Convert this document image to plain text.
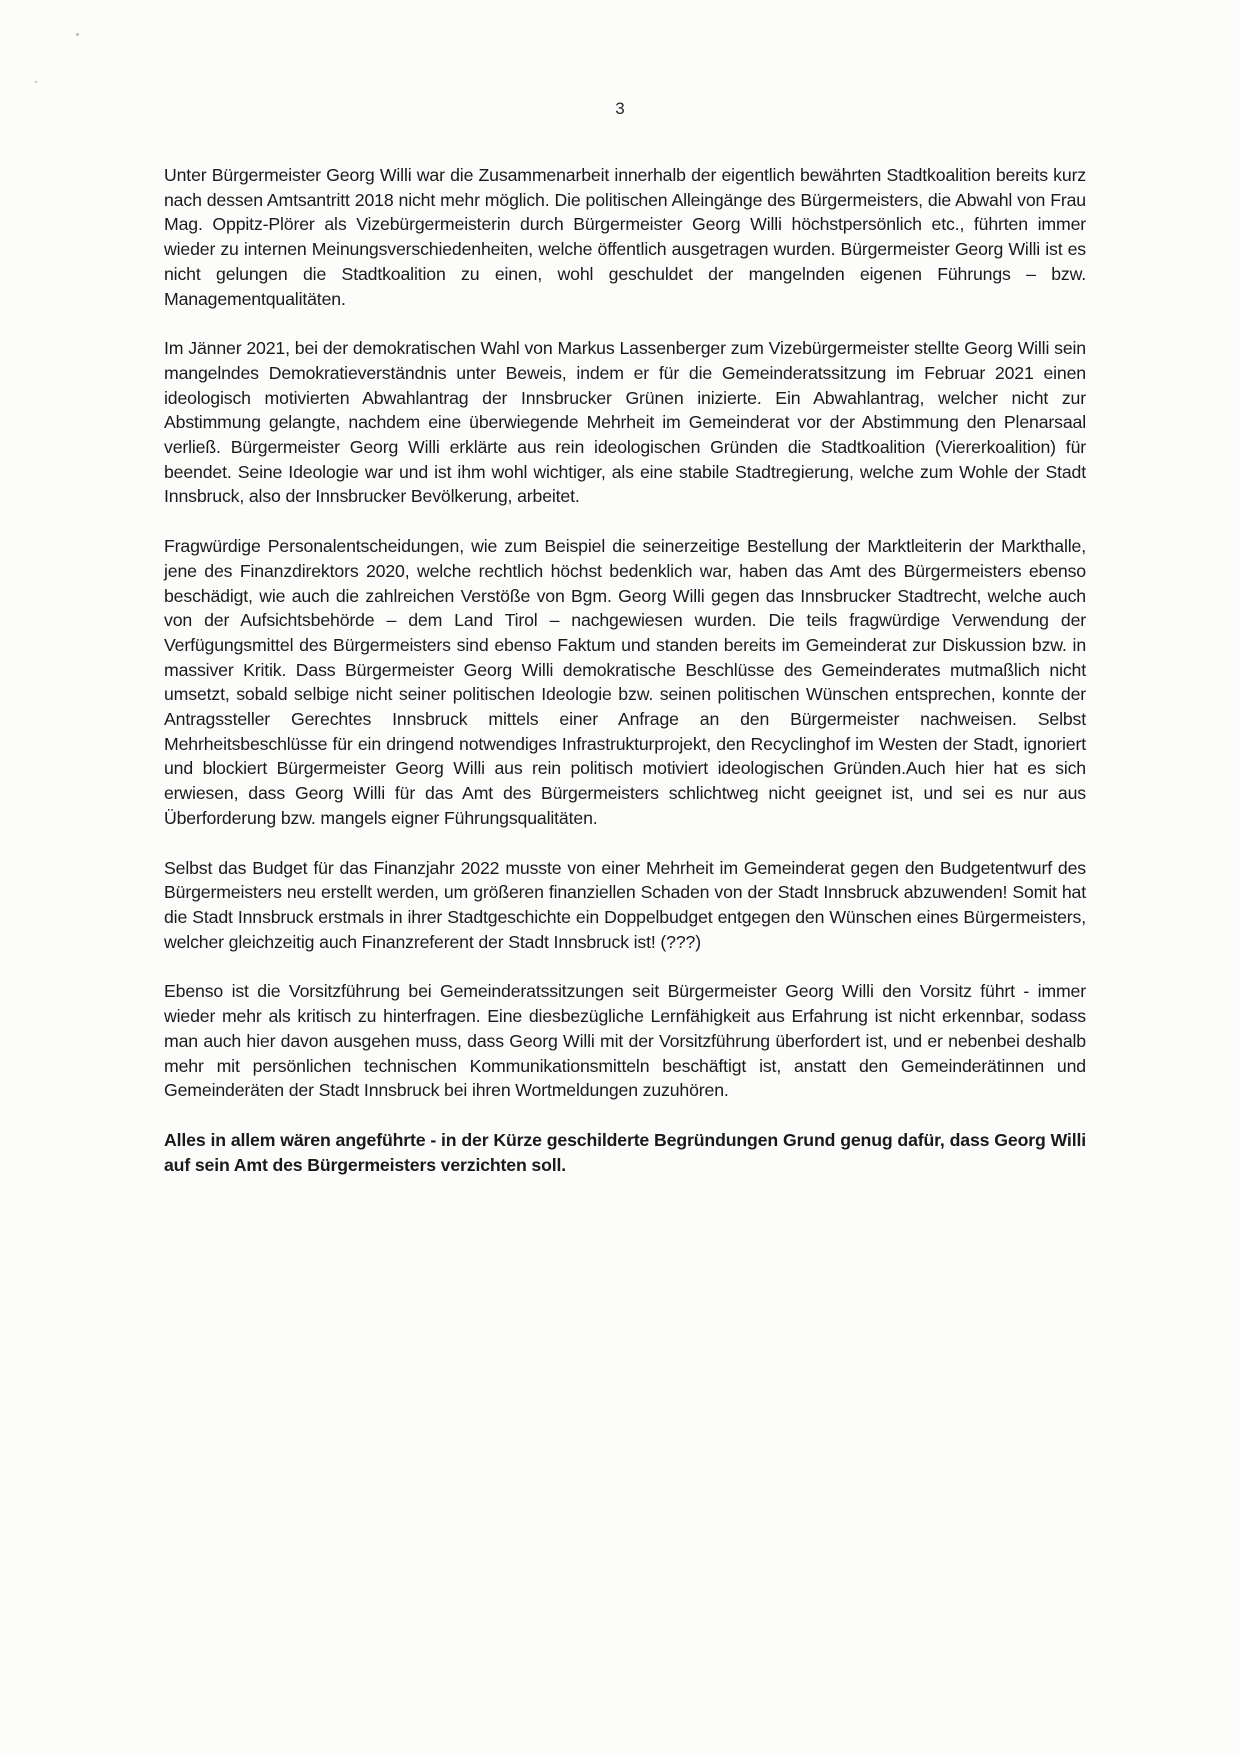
3

Unter Bürgermeister Georg Willi war die Zusammenarbeit innerhalb der eigentlich bewährten Stadtkoalition bereits kurz nach dessen Amtsantritt 2018 nicht mehr möglich. Die politischen Alleingänge des Bürgermeisters, die Abwahl von Frau Mag. Oppitz-Plörer als Vizebürgermeisterin durch Bürgermeister Georg Willi höchstpersönlich etc., führten immer wieder zu internen Meinungsverschiedenheiten, welche öffentlich ausgetragen wurden. Bürgermeister Georg Willi ist es nicht gelungen die Stadtkoalition zu einen, wohl geschuldet der mangelnden eigenen Führungs – bzw. Managementqualitäten.

Im Jänner 2021, bei der demokratischen Wahl von Markus Lassenberger zum Vizebürgermeister stellte Georg Willi sein mangelndes Demokratieverständnis unter Beweis, indem er für die Gemeinderatssitzung im Februar 2021 einen ideologisch motivierten Abwahlantrag der Innsbrucker Grünen inizierte. Ein Abwahlantrag, welcher nicht zur Abstimmung gelangte, nachdem eine überwiegende Mehrheit im Gemeinderat vor der Abstimmung den Plenarsaal verließ. Bürgermeister Georg Willi erklärte aus rein ideologischen Gründen die Stadtkoalition (Viererkoalition) für beendet. Seine Ideologie war und ist ihm wohl wichtiger, als eine stabile Stadtregierung, welche zum Wohle der Stadt Innsbruck, also der Innsbrucker Bevölkerung, arbeitet.

Fragwürdige Personalentscheidungen, wie zum Beispiel die seinerzeitige Bestellung der Marktleiterin der Markthalle, jene des Finanzdirektors 2020, welche rechtlich höchst bedenklich war, haben das Amt des Bürgermeisters ebenso beschädigt, wie auch die zahlreichen Verstöße von Bgm. Georg Willi gegen das Innsbrucker Stadtrecht, welche auch von der Aufsichtsbehörde – dem Land Tirol – nachgewiesen wurden. Die teils fragwürdige Verwendung der Verfügungsmittel des Bürgermeisters sind ebenso Faktum und standen bereits im Gemeinderat zur Diskussion bzw. in massiver Kritik. Dass Bürgermeister Georg Willi demokratische Beschlüsse des Gemeinderates mutmaßlich nicht umsetzt, sobald selbige nicht seiner politischen Ideologie bzw. seinen politischen Wünschen entsprechen, konnte der Antragssteller Gerechtes Innsbruck mittels einer Anfrage an den Bürgermeister nachweisen. Selbst Mehrheitsbeschlüsse für ein dringend notwendiges Infrastrukturprojekt, den Recyclinghof im Westen der Stadt, ignoriert und blockiert Bürgermeister Georg Willi aus rein politisch motiviert ideologischen Gründen.Auch hier hat es sich erwiesen, dass Georg Willi für das Amt des Bürgermeisters schlichtweg nicht geeignet ist, und sei es nur aus Überforderung bzw. mangels eigner Führungsqualitäten.

Selbst das Budget für das Finanzjahr 2022 musste von einer Mehrheit im Gemeinderat gegen den Budgetentwurf des Bürgermeisters neu erstellt werden, um größeren finanziellen Schaden von der Stadt Innsbruck abzuwenden! Somit hat die Stadt Innsbruck erstmals in ihrer Stadtgeschichte ein Doppelbudget entgegen den Wünschen eines Bürgermeisters, welcher gleichzeitig auch Finanzreferent der Stadt Innsbruck ist! (???)

Ebenso ist die Vorsitzführung bei Gemeinderatssitzungen seit Bürgermeister Georg Willi den Vorsitz führt - immer wieder mehr als kritisch zu hinterfragen. Eine diesbezügliche Lernfähigkeit aus Erfahrung ist nicht erkennbar, sodass man auch hier davon ausgehen muss, dass Georg Willi mit der Vorsitzführung überfordert ist, und er nebenbei deshalb mehr mit persönlichen technischen Kommunikationsmitteln beschäftigt ist, anstatt den Gemeinderätinnen und Gemeinderäten der Stadt Innsbruck bei ihren Wortmeldungen zuzuhören.

Alles in allem wären angeführte - in der Kürze geschilderte Begründungen Grund genug dafür, dass Georg Willi auf sein Amt des Bürgermeisters verzichten soll.
